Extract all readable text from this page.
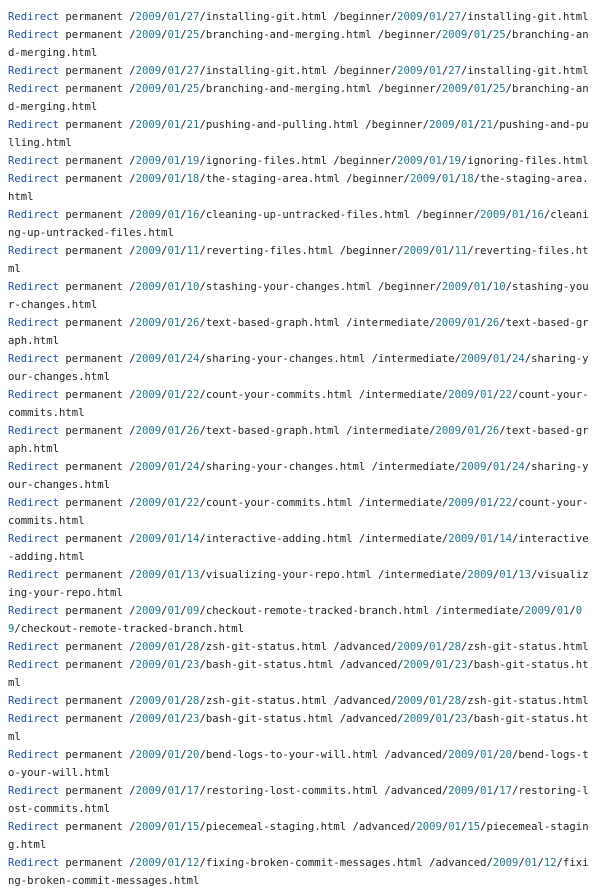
Redirect permanent /2009/01/27/installing-git.html /beginner/2009/01/27/installing-git.html
Redirect permanent /2009/01/25/branching-and-merging.html /beginner/2009/01/25/branching-and-merging.html
Redirect permanent /2009/01/27/installing-git.html /beginner/2009/01/27/installing-git.html
Redirect permanent /2009/01/25/branching-and-merging.html /beginner/2009/01/25/branching-and-merging.html
Redirect permanent /2009/01/21/pushing-and-pulling.html /beginner/2009/01/21/pushing-and-pulling.html
Redirect permanent /2009/01/19/ignoring-files.html /beginner/2009/01/19/ignoring-files.html
Redirect permanent /2009/01/18/the-staging-area.html /beginner/2009/01/18/the-staging-area.html
Redirect permanent /2009/01/16/cleaning-up-untracked-files.html /beginner/2009/01/16/cleaning-up-untracked-files.html
Redirect permanent /2009/01/11/reverting-files.html /beginner/2009/01/11/reverting-files.html
Redirect permanent /2009/01/10/stashing-your-changes.html /beginner/2009/01/10/stashing-your-changes.html
Redirect permanent /2009/01/26/text-based-graph.html /intermediate/2009/01/26/text-based-graph.html
Redirect permanent /2009/01/24/sharing-your-changes.html /intermediate/2009/01/24/sharing-your-changes.html
Redirect permanent /2009/01/22/count-your-commits.html /intermediate/2009/01/22/count-your-commits.html
Redirect permanent /2009/01/26/text-based-graph.html /intermediate/2009/01/26/text-based-graph.html
Redirect permanent /2009/01/24/sharing-your-changes.html /intermediate/2009/01/24/sharing-your-changes.html
Redirect permanent /2009/01/22/count-your-commits.html /intermediate/2009/01/22/count-your-commits.html
Redirect permanent /2009/01/14/interactive-adding.html /intermediate/2009/01/14/interactive-adding.html
Redirect permanent /2009/01/13/visualizing-your-repo.html /intermediate/2009/01/13/visualizing-your-repo.html
Redirect permanent /2009/01/09/checkout-remote-tracked-branch.html /intermediate/2009/01/09/checkout-remote-tracked-branch.html
Redirect permanent /2009/01/28/zsh-git-status.html /advanced/2009/01/28/zsh-git-status.html
Redirect permanent /2009/01/23/bash-git-status.html /advanced/2009/01/23/bash-git-status.html
Redirect permanent /2009/01/28/zsh-git-status.html /advanced/2009/01/28/zsh-git-status.html
Redirect permanent /2009/01/23/bash-git-status.html /advanced/2009/01/23/bash-git-status.html
Redirect permanent /2009/01/20/bend-logs-to-your-will.html /advanced/2009/01/20/bend-logs-to-your-will.html
Redirect permanent /2009/01/17/restoring-lost-commits.html /advanced/2009/01/17/restoring-lost-commits.html
Redirect permanent /2009/01/15/piecemeal-staging.html /advanced/2009/01/15/piecemeal-staging.html
Redirect permanent /2009/01/12/fixing-broken-commit-messages.html /advanced/2009/01/12/fixing-broken-commit-messages.html
